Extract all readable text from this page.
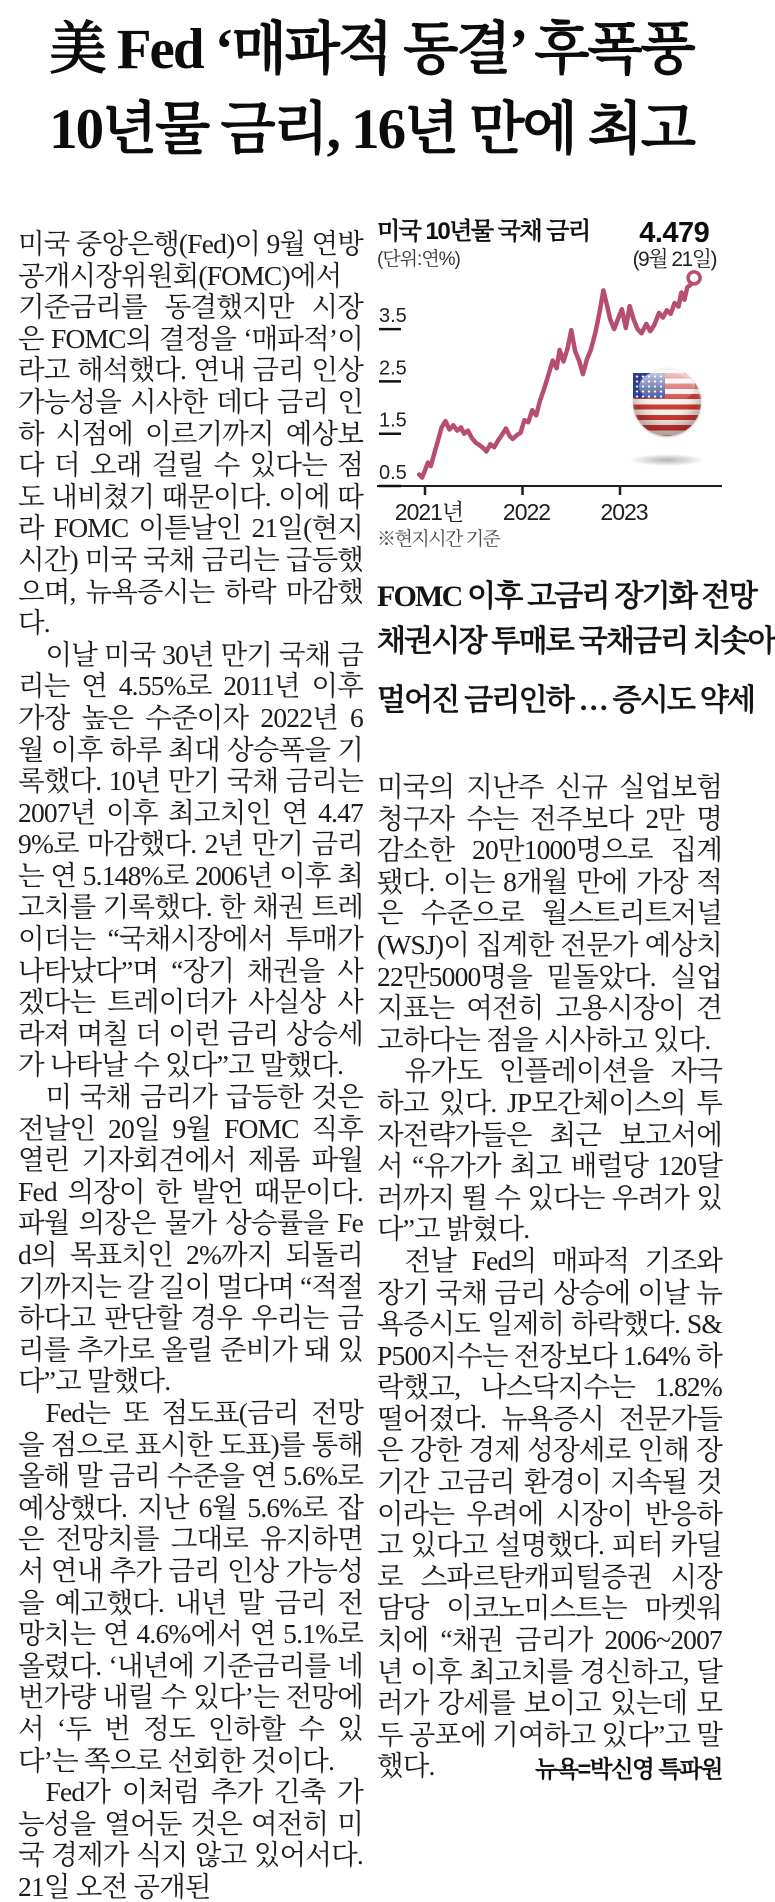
美 Fed ‘매파적 동결’ 후폭풍
10년물 금리, 16년 만에 최고

미국 중앙은행(Fed)이 9월 연방공개시장위원회(FOMC)에서 기준금리를 동결했지만 시장은 FOMC의 결정을 ‘매파적’이라고 해석했다. 연내 금리 인상 가능성을 시사한 데다 금리 인하 시점에 이르기까지 예상보다 더 오래 걸릴 수 있다는 점도 내비쳤기 때문이다. 이에 따라 FOMC 이튿날인 21일(현지시간) 미국 국채 금리는 급등했으며, 뉴욕증시는 하락 마감했다.

이날 미국 30년 만기 국채 금리는 연 4.55%로 2011년 이후 가장 높은 수준이자 2022년 6월 이후 하루 최대 상승폭을 기록했다. 10년 만기 국채 금리는 2007년 이후 최고치인 연 4.479%로 마감했다. 2년 만기 금리는 연 5.148%로 2006년 이후 최고치를 기록했다. 한 채권 트레이더는 “국채시장에서 투매가 나타났다”며 “장기 채권을 사겠다는 트레이더가 사실상 사라져 며칠 더 이런 금리 상승세가 나타날 수 있다”고 말했다.

미 국채 금리가 급등한 것은 전날인 20일 9월 FOMC 직후 열린 기자회견에서 제롬 파월 Fed 의장이 한 발언 때문이다. 파월 의장은 물가 상승률을 Fed의 목표치인 2%까지 되돌리기까지는 갈 길이 멀다며 “적절하다고 판단할 경우 우리는 금리를 추가로 올릴 준비가 돼 있다”고 말했다.

Fed는 또 점도표(금리 전망을 점으로 표시한 도표)를 통해 올해 말 금리 수준을 연 5.6%로 예상했다. 지난 6월 5.6%로 잡은 전망치를 그대로 유지하면서 연내 추가 금리 인상 가능성을 예고했다. 내년 말 금리 전망치는 연 4.6%에서 연 5.1%로 올렸다. ‘내년에 기준금리를 네 번가량 내릴 수 있다’는 전망에서 ‘두 번 정도 인하할 수 있다’는 쪽으로 선회한 것이다.

Fed가 이처럼 추가 긴축 가능성을 열어둔 것은 여전히 미국 경제가 식지 않고 있어서다. 21일 오전 공개된

미국 10년물 국채 금리
(단위:연%)
4.479
(9월 21일)
2021년 2022 2023
0.5
1.5
2.5
3.5
※현지시간 기준
FOMC 이후 고금리 장기화 전망
채권시장 투매로 국채금리 치솟아
멀어진 금리인하 … 증시도 약세

미국의 지난주 신규 실업보험 청구자 수는 전주보다 2만 명 감소한 20만1000명으로 집계됐다. 이는 8개월 만에 가장 적은 수준으로 월스트리트저널(WSJ)이 집계한 전문가 예상치 22만5000명을 밑돌았다. 실업 지표는 여전히 고용시장이 견고하다는 점을 시사하고 있다.

유가도 인플레이션을 자극하고 있다. JP모간체이스의 투자전략가들은 최근 보고서에서 “유가가 최고 배럴당 120달러까지 뛸 수 있다는 우려가 있다”고 밝혔다.

전날 Fed의 매파적 기조와 장기 국채 금리 상승에 이날 뉴욕증시도 일제히 하락했다. S&P500지수는 전장보다 1.64% 하락했고, 나스닥지수는 1.82% 떨어졌다. 뉴욕증시 전문가들은 강한 경제 성장세로 인해 장기간 고금리 환경이 지속될 것이라는 우려에 시장이 반응하고 있다고 설명했다. 피터 카딜로 스파르탄캐피털증권 시장담당 이코노미스트는 마켓워치에 “채권 금리가 2006~2007년 이후 최고치를 경신하고, 달러가 강세를 보이고 있는데 모두 공포에 기여하고 있다”고 말했다.	뉴욕=박신영 특파원
